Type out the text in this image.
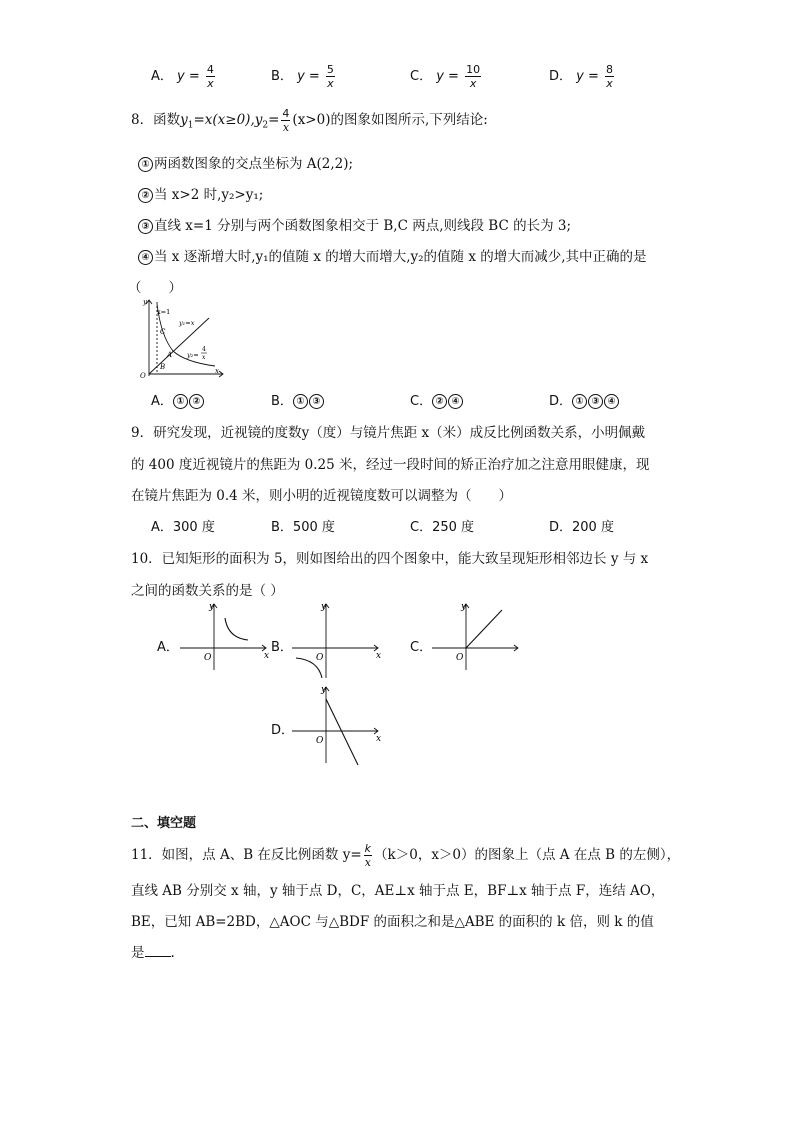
A． $y = \frac{4}{x}$	B． $y = \frac{5}{x}$	C． $y = \frac{10}{x}$	D． $y = \frac{8}{x}$
8．函数$y_1=x(x\ge 0),y_2= \frac{4}{x} (x>0)$的图象如图所示,下列结论:
① 两函数图象的交点坐标为 A(2,2);
② 当 x>2 时,y₂>y₁;
③ 直线 x=1 分别与两个函数图象相交于 B,C 两点,则线段 BC 的长为 3;
④ 当 x 逐渐增大时,y₁的值随 x 的增大而增大,y₂的值随 x 的增大而减少,其中正确的是
（　　）
x=1
y₁=x
y₂=
4
x
C
A
B
O
x
y
A． ① ②	B． ① ③	C． ② ④	D． ① ③ ④
9．研究发现，近视镜的度数y（度）与镜片焦距 x（米）成反比例函数关系，小明佩戴
的 400 度近视镜片的焦距为 0.25 米，经过一段时间的矫正治疗加之注意用眼健康，现
在镜片焦距为 0.4 米，则小明的近视镜度数可以调整为（　　）
A．300 度	B．500 度	C．250 度	D．200 度
10．已知矩形的面积为 5，则如图给出的四个图象中，能大致呈现矩形相邻边长 y 与 x
之间的函数关系的是（ ）
A．
O	x
y
B．
O	x
y
C．
O
y
D．
O	x
y
二、填空题
11．如图，点 A、B 在反比例函数 $y= \frac{k}{x} (k>0$，x＞0）的图象上（点 A 在点 B 的左侧），
直线 AB 分别交 x 轴，y 轴于点 D，C，AE⊥x 轴于点 E，BF⊥x 轴于点 F，连结 AO，
BE，已知 AB=2BD，△AOC 与△BDF 的面积之和是△ABE 的面积的 k 倍，则 k 的值
是 .
